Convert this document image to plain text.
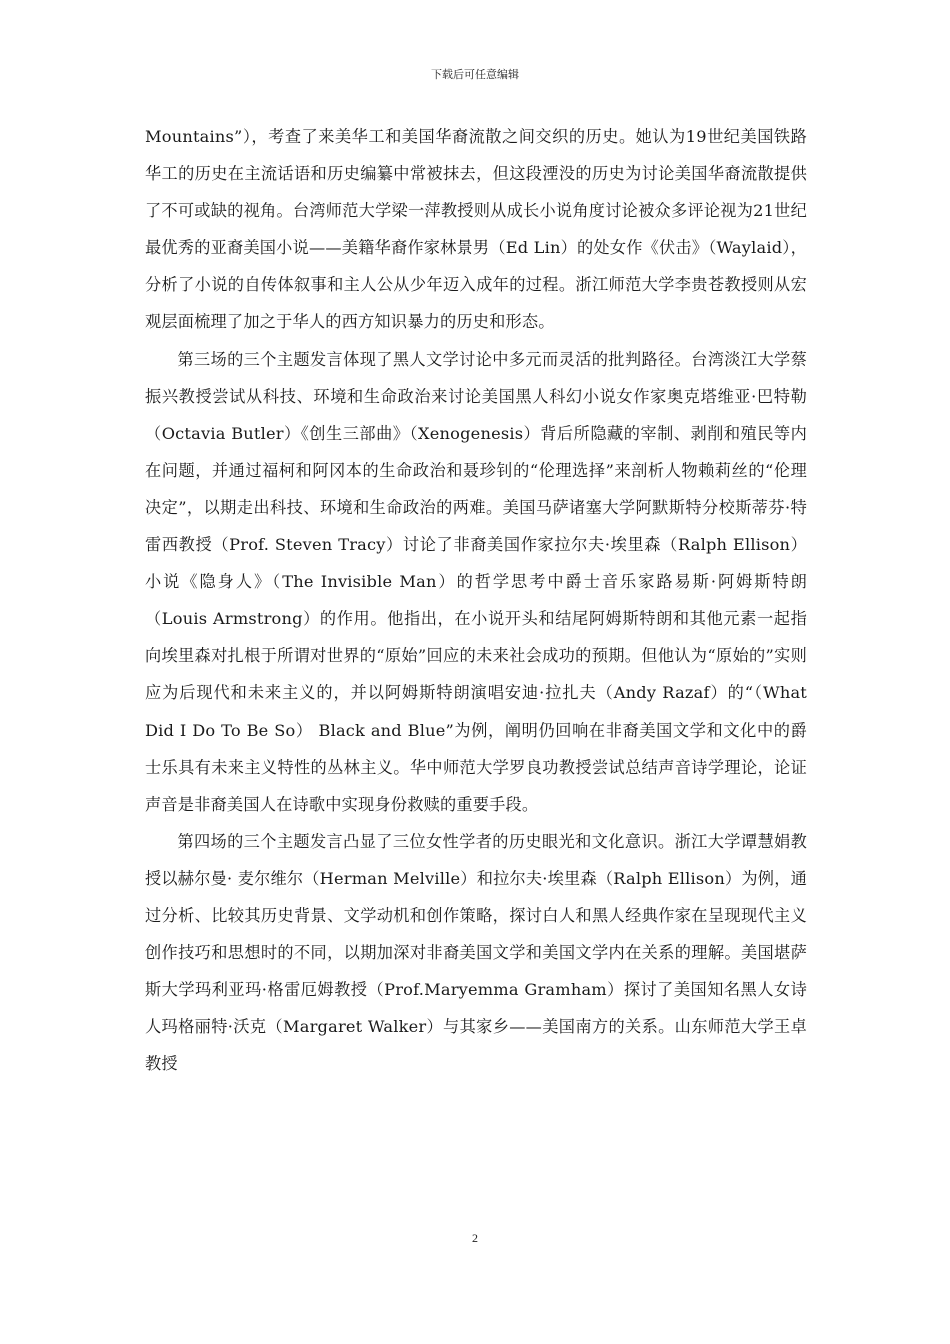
下载后可任意编辑

Mountains”），考查了来美华工和美国华裔流散之间交织的历史。她认为19世纪美国铁路华工的历史在主流话语和历史编纂中常被抹去，但这段湮没的历史为讨论美国华裔流散提供了不可或缺的视角。台湾师范大学梁一萍教授则从成长小说角度讨论被众多评论视为21世纪最优秀的亚裔美国小说——美籍华裔作家林景男（Ed Lin）的处女作《伏击》（Waylaid），分析了小说的自传体叙事和主人公从少年迈入成年的过程。浙江师范大学李贵苍教授则从宏观层面梳理了加之于华人的西方知识暴力的历史和形态。

第三场的三个主题发言体现了黑人文学讨论中多元而灵活的批判路径。台湾淡江大学蔡振兴教授尝试从科技、环境和生命政治来讨论美国黑人科幻小说女作家奥克塔维亚·巴特勒（Octavia Butler）《创生三部曲》（Xenogenesis）背后所隐藏的宰制、剥削和殖民等内在问题，并通过福柯和阿冈本的生命政治和聂珍钊的“伦理选择”来剖析人物赖莉丝的“伦理决定”，以期走出科技、环境和生命政治的两难。美国马萨诸塞大学阿默斯特分校斯蒂芬·特雷西教授（Prof. Steven Tracy）讨论了非裔美国作家拉尔夫·埃里森（Ralph Ellison）小说《隐身人》（The Invisible Man）的哲学思考中爵士音乐家路易斯·阿姆斯特朗（Louis Armstrong）的作用。他指出，在小说开头和结尾阿姆斯特朗和其他元素一起指向埃里森对扎根于所谓对世界的“原始”回应的未来社会成功的预期。但他认为“原始的”实则应为后现代和未来主义的，并以阿姆斯特朗演唱安迪·拉扎夫（Andy Razaf）的“（What Did I Do To Be So） Black and Blue”为例，阐明仍回响在非裔美国文学和文化中的爵士乐具有未来主义特性的丛林主义。华中师范大学罗良功教授尝试总结声音诗学理论，论证声音是非裔美国人在诗歌中实现身份救赎的重要手段。

第四场的三个主题发言凸显了三位女性学者的历史眼光和文化意识。浙江大学谭慧娟教授以赫尔曼· 麦尔维尔（Herman Melville）和拉尔夫·埃里森（Ralph Ellison）为例，通过分析、比较其历史背景、文学动机和创作策略，探讨白人和黑人经典作家在呈现现代主义创作技巧和思想时的不同，以期加深对非裔美国文学和美国文学内在关系的理解。美国堪萨斯大学玛利亚玛·格雷厄姆教授（Prof.Maryemma Gramham）探讨了美国知名黑人女诗人玛格丽特·沃克（Margaret Walker）与其家乡——美国南方的关系。山东师范大学王卓教授

2
